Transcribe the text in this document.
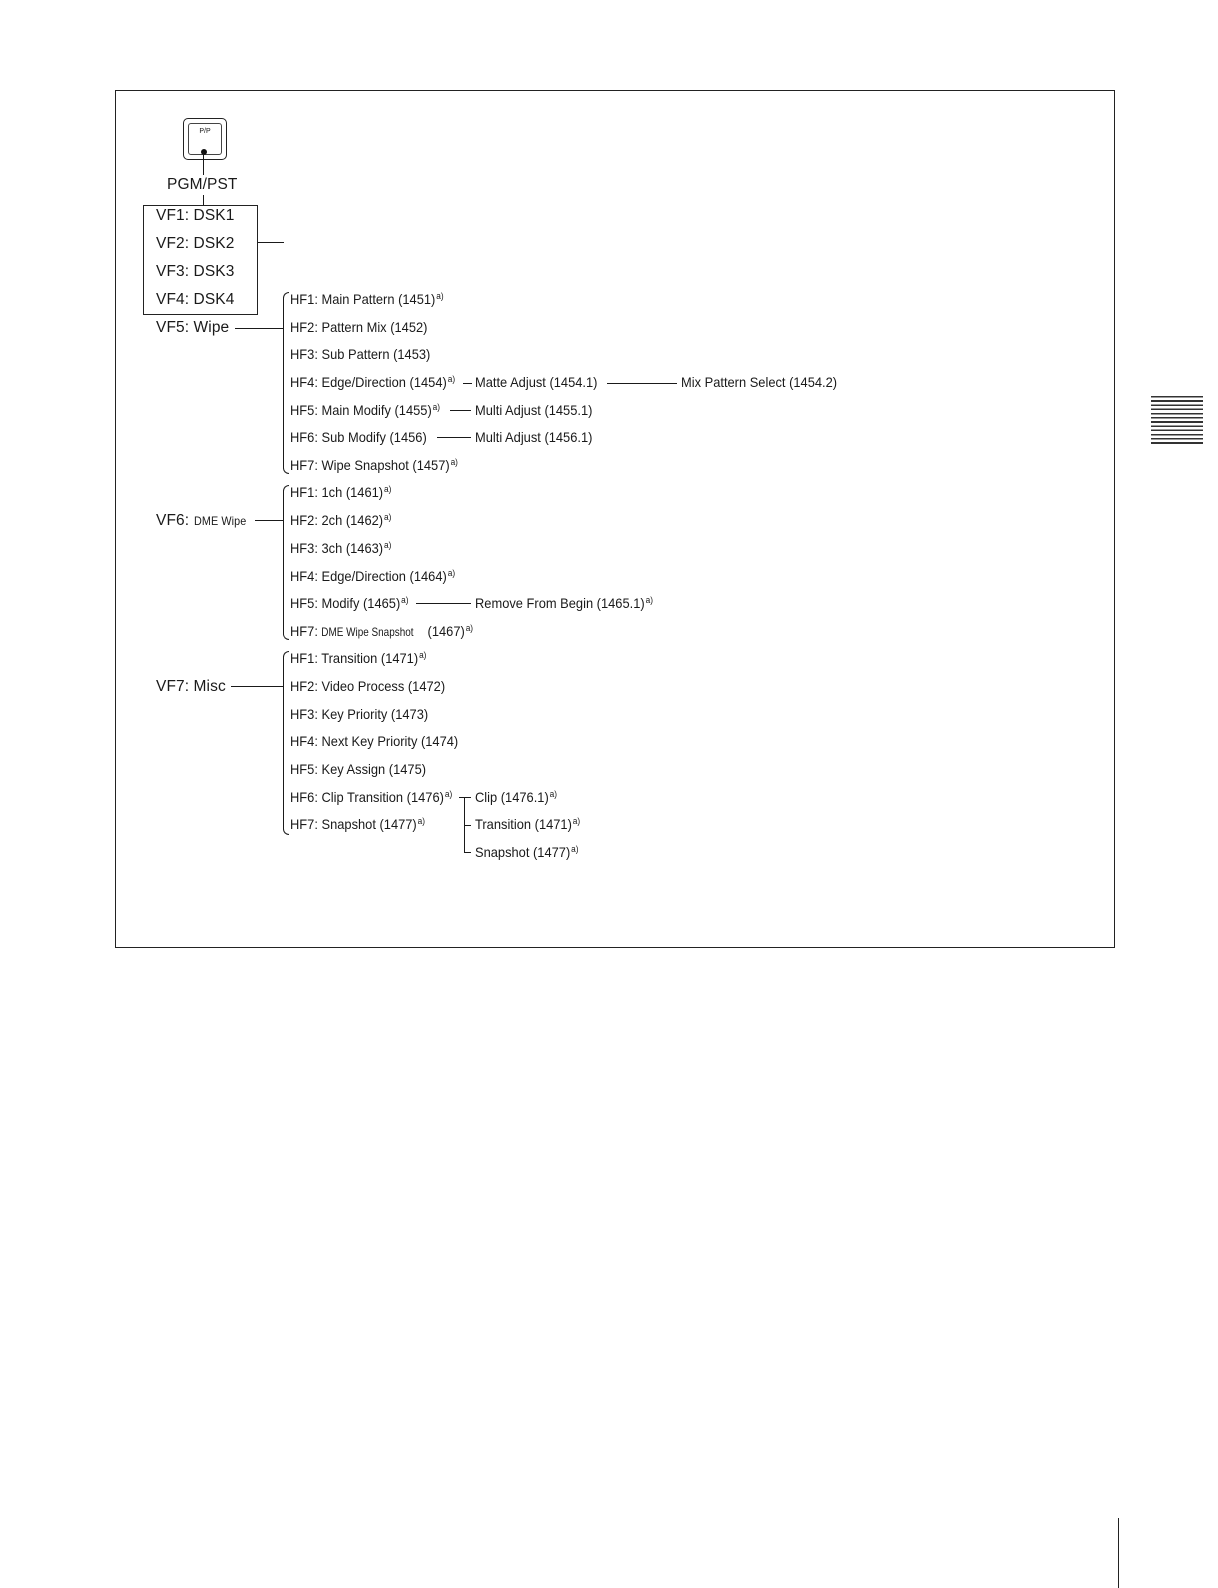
P/P
PGM/PST
VF1: DSK1
VF2: DSK2
VF3: DSK3
VF4: DSK4
VF5: Wipe
HF1: Main Pattern $(1451)^{a)}$
HF2: Pattern Mix (1452)
HF3: Sub Pattern (1453)
HF4: Edge/Direction $(1454)^{a)}$ Matte Adjust (1454.1)	Mix Pattern Select (1454.2)
HF5: Main Modify $(1455)^{a)}$ Multi Adjust (1455.1)
HF6: Sub Modify (1456)	Multi Adjust (1456.1)
HF7: Wipe Snapshot $(1457)^{a)}$
VF6: DME Wipe
HF1: 1ch $(1461)^{a)}$
HF2: 2ch $(1462)^{a)}$
HF3: 3ch $(1463)^{a)}$
HF4: Edge/Direction $(1464)^{a)}$
HF5: Modify $(1465)^{a)}$	Remove From Begin $(1465.1)^{a)}$
HF7: DME Wipe Snapshot $(1467)^{a)}$
VF7: Misc
HF1: Transition $(1471)^{a)}$
HF2: Video Process (1472)
HF3: Key Priority (1473)
HF4: Next Key Priority (1474)
HF5: Key Assign (1475)
HF6: Clip Transition $(1476)^{a)}$
HF7: Snapshot $(1477)^{a)}$
Clip $(1476.1)^{a)}$
Transition $(1471)^{a)}$
Snapshot $(1477)^{a)}$
